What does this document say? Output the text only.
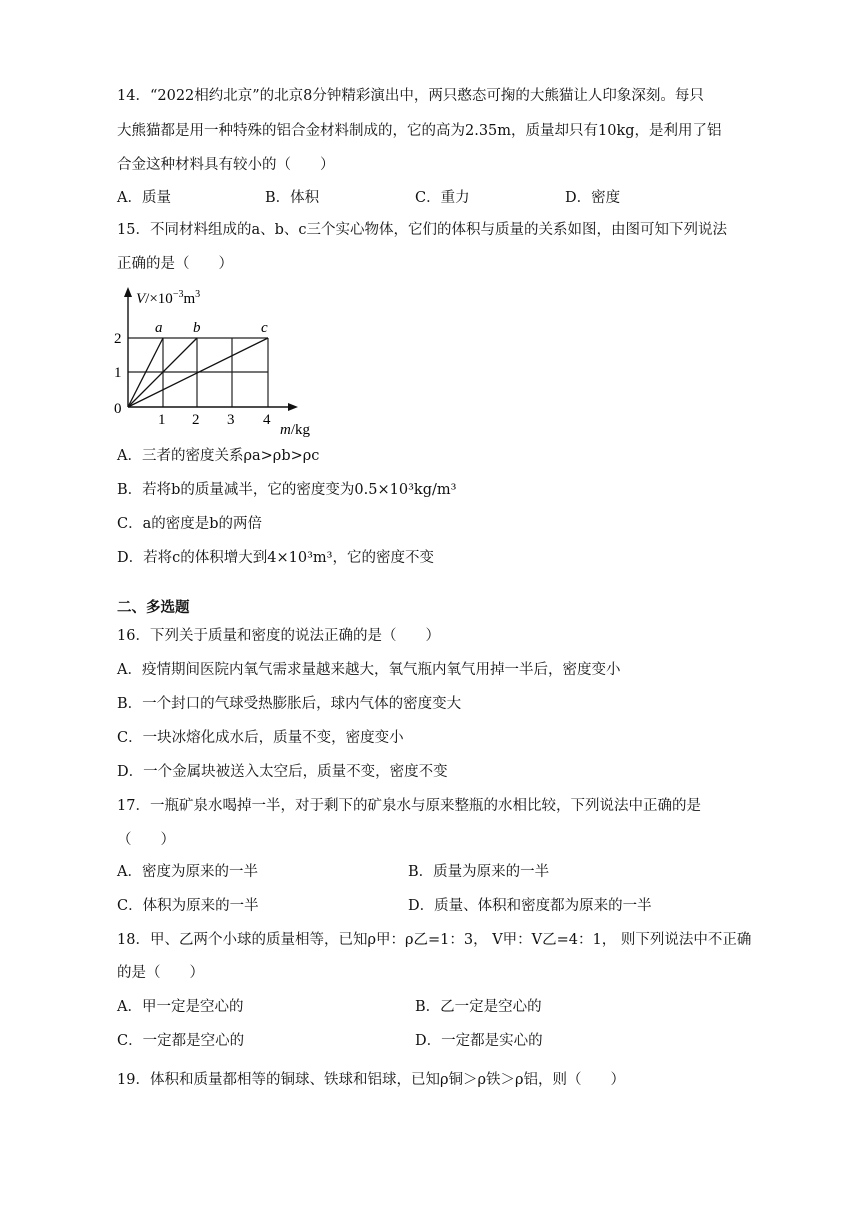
14．“2022相约北京”的北京8分钟精彩演出中，两只憨态可掬的大熊猫让人印象深刻。每只
大熊猫都是用一种特殊的铝合金材料制成的，它的高为2.35m，质量却只有10kg，是利用了铝
合金这种材料具有较小的（　　）
A．质量	B．体积	C．重力	D．密度
15．不同材料组成的a、b、c三个实心物体，它们的体积与质量的关系如图，由图可知下列说法
正确的是（　　）
$V/\times 10^{-3}m^3$
m/kg
a b	c
2
1
0
1 2 3 4
A．三者的密度关系ρa>ρb>ρc
B．若将b的质量减半，它的密度变为0.5×10³kg/m³
C．a的密度是b的两倍
D．若将c的体积增大到4×10³m³，它的密度不变
二、多选题
16．下列关于质量和密度的说法正确的是（　　）
A．疫情期间医院内氧气需求量越来越大，氧气瓶内氧气用掉一半后，密度变小
B．一个封口的气球受热膨胀后，球内气体的密度变大
C．一块冰熔化成水后，质量不变，密度变小
D．一个金属块被送入太空后，质量不变，密度不变
17．一瓶矿泉水喝掉一半，对于剩下的矿泉水与原来整瓶的水相比较，下列说法中正确的是
（　　）
A．密度为原来的一半	B．质量为原来的一半
C．体积为原来的一半	D．质量、体积和密度都为原来的一半
18．甲、乙两个小球的质量相等，已知ρ甲：ρ乙=1：3， V甲：V乙=4：1， 则下列说法中不正确
的是（　　）
A．甲一定是空心的	B．乙一定是空心的
C．一定都是空心的	D．一定都是实心的
19．体积和质量都相等的铜球、铁球和铝球，已知ρ铜＞ρ铁＞ρ铝，则（　　）
